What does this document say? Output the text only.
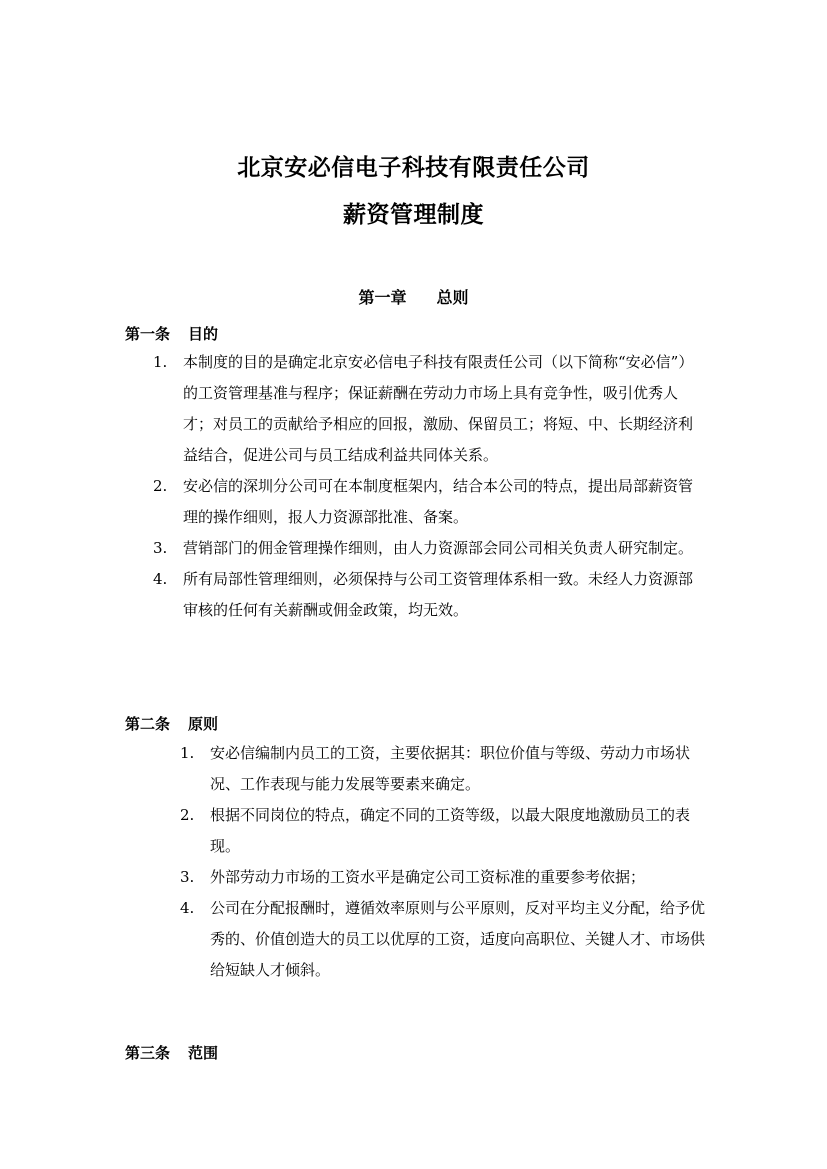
北京安必信电子科技有限责任公司
薪资管理制度
第一章 总则
第一条 目的
1.	本制度的目的是确定北京安必信电子科技有限责任公司（以下简称“安必信”）的工资管理基准与程序；保证薪酬在劳动力市场上具有竞争性，吸引优秀人才；对员工的贡献给予相应的回报，激励、保留员工；将短、中、长期经济利益结合，促进公司与员工结成利益共同体关系。
2.	安必信的深圳分公司可在本制度框架内，结合本公司的特点，提出局部薪资管理的操作细则，报人力资源部批准、备案。
3.	营销部门的佣金管理操作细则，由人力资源部会同公司相关负责人研究制定。
4.	所有局部性管理细则，必须保持与公司工资管理体系相一致。未经人力资源部审核的任何有关薪酬或佣金政策，均无效。
第二条 原则
1.	安必信编制内员工的工资，主要依据其：职位价值与等级、劳动力市场状况、工作表现与能力发展等要素来确定。
2.	根据不同岗位的特点，确定不同的工资等级，以最大限度地激励员工的表现。
3.	外部劳动力市场的工资水平是确定公司工资标准的重要参考依据；
4.	公司在分配报酬时，遵循效率原则与公平原则，反对平均主义分配，给予优秀的、价值创造大的员工以优厚的工资，适度向高职位、关键人才、市场供给短缺人才倾斜。
第三条 范围
